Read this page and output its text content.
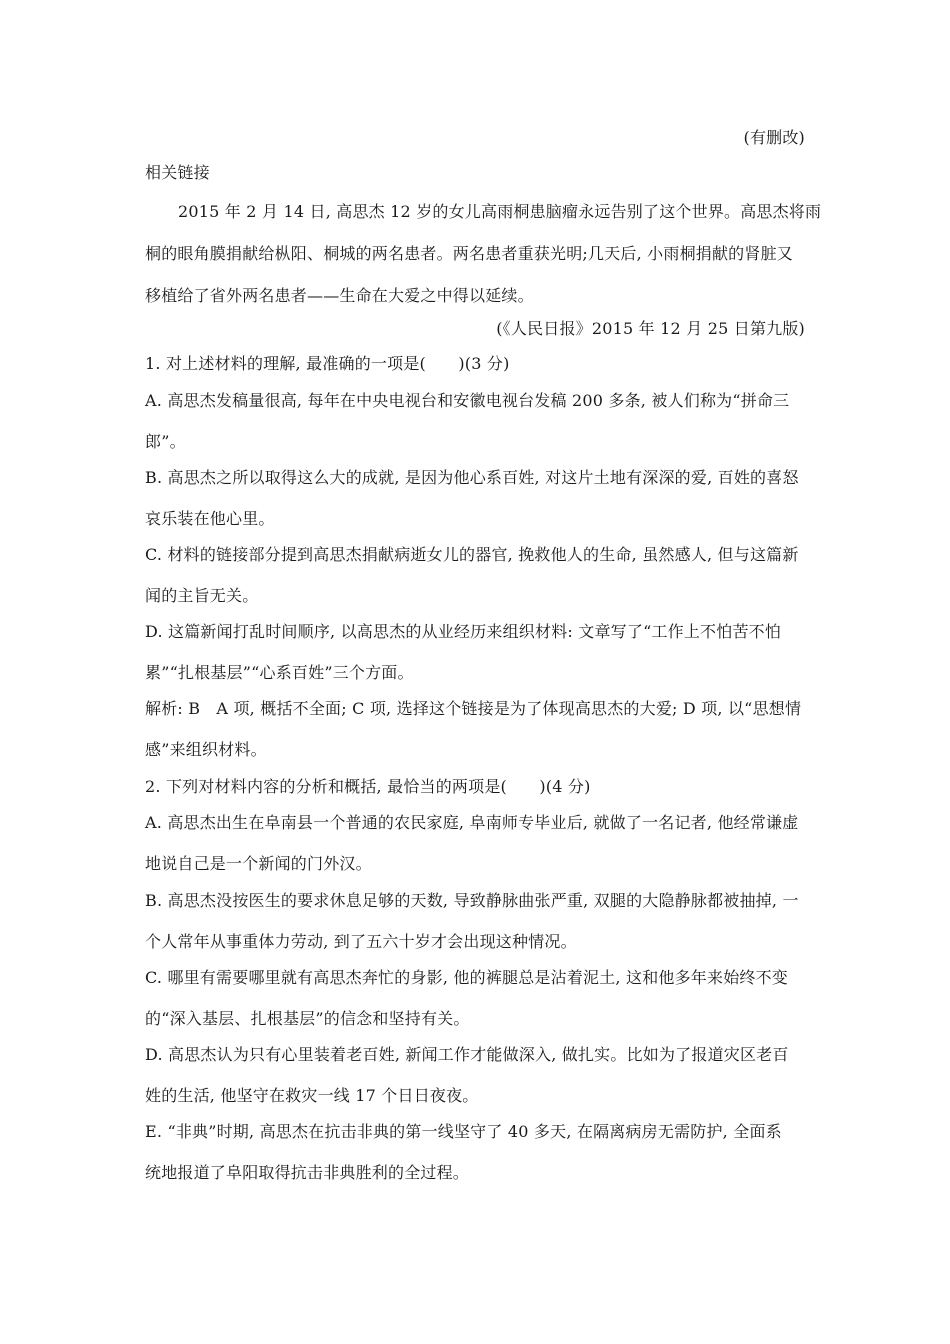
(有删改)
相关链接
2015 年 2 月 14 日, 高思杰 12 岁的女儿高雨桐患脑瘤永远告别了这个世界。高思杰将雨
桐的眼角膜捐献给枞阳、桐城的两名患者。两名患者重获光明;几天后, 小雨桐捐献的肾脏又
移植给了省外两名患者——生命在大爱之中得以延续。
(《人民日报》2015 年 12 月 25 日第九版)
1. 对上述材料的理解, 最准确的一项是(　　)(3 分)
A. 高思杰发稿量很高, 每年在中央电视台和安徽电视台发稿 200 多条, 被人们称为“拼命三
郎”。
B. 高思杰之所以取得这么大的成就, 是因为他心系百姓, 对这片土地有深深的爱, 百姓的喜怒
哀乐装在他心里。
C. 材料的链接部分提到高思杰捐献病逝女儿的器官, 挽救他人的生命, 虽然感人, 但与这篇新
闻的主旨无关。
D. 这篇新闻打乱时间顺序, 以高思杰的从业经历来组织材料: 文章写了“工作上不怕苦不怕
累”“扎根基层”“心系百姓”三个方面。
解析: B　A 项, 概括不全面; C 项, 选择这个链接是为了体现高思杰的大爱; D 项, 以“思想情
感”来组织材料。
2. 下列对材料内容的分析和概括, 最恰当的两项是(　　)(4 分)
A. 高思杰出生在阜南县一个普通的农民家庭, 阜南师专毕业后, 就做了一名记者, 他经常谦虚
地说自己是一个新闻的门外汉。
B. 高思杰没按医生的要求休息足够的天数, 导致静脉曲张严重, 双腿的大隐静脉都被抽掉, 一
个人常年从事重体力劳动, 到了五六十岁才会出现这种情况。
C. 哪里有需要哪里就有高思杰奔忙的身影, 他的裤腿总是沾着泥土, 这和他多年来始终不变
的“深入基层、扎根基层”的信念和坚持有关。
D. 高思杰认为只有心里装着老百姓, 新闻工作才能做深入, 做扎实。比如为了报道灾区老百
姓的生活, 他坚守在救灾一线 17 个日日夜夜。
E. “非典”时期, 高思杰在抗击非典的第一线坚守了 40 多天, 在隔离病房无需防护, 全面系
统地报道了阜阳取得抗击非典胜利的全过程。
